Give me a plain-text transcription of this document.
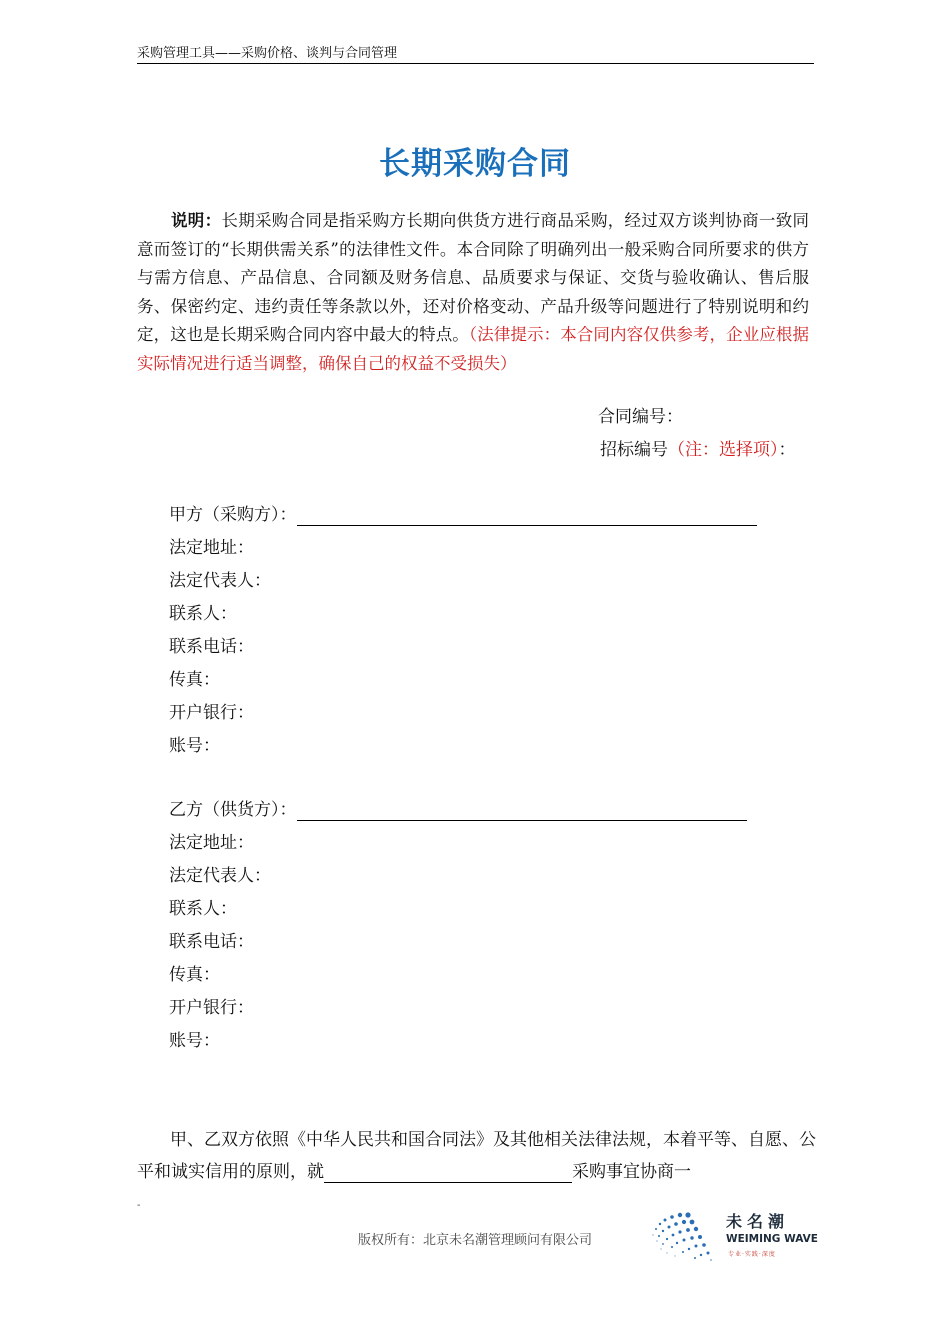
采购管理工具——采购价格、谈判与合同管理
长期采购合同
说明：长期采购合同是指采购方长期向供货方进行商品采购，经过双方谈判协商一致同意而签订的“长期供需关系”的法律性文件。本合同除了明确列出一般采购合同所要求的供方与需方信息、产品信息、合同额及财务信息、品质要求与保证、交货与验收确认、售后服务、保密约定、违约责任等条款以外，还对价格变动、产品升级等问题进行了特别说明和约定，这也是长期采购合同内容中最大的特点。（法律提示：本合同内容仅供参考，企业应根据实际情况进行适当调整，确保自己的权益不受损失）
合同编号：
招标编号（注：选择项）：
甲方（采购方）：
法定地址：
法定代表人：
联系人：
联系电话：
传真：
开户银行：
账号：
乙方（供货方）：
法定地址：
法定代表人：
联系人：
联系电话：
传真：
开户银行：
账号：
甲、乙双方依照《中华人民共和国合同法》及其他相关法律法规，本着平等、自愿、公平和诚实信用的原则，就	采购事宜协商一
-
版权所有：北京未名潮管理顾问有限公司
未名潮
WEIMING WAVE
专业·实践·深度
